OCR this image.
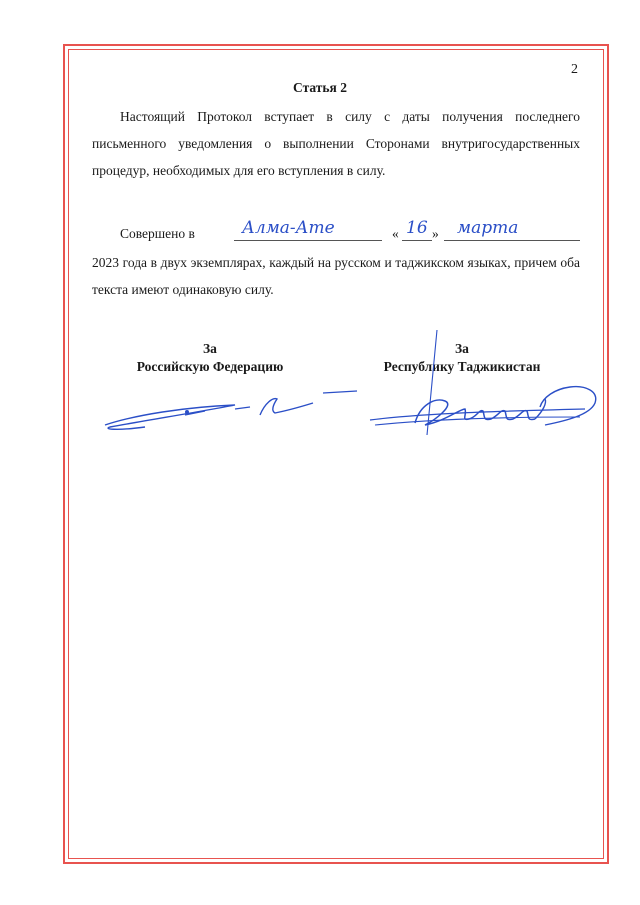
2
Статья 2
Настоящий Протокол вступает в силу с даты получения последнего письменного уведомления о выполнении Сторонами внутригосударственных процедур, необходимых для его вступления в силу.
Совершено в	Алма-Ате	« 16 » марта
2023 года в двух экземплярах, каждый на русском и таджикском языках, причем оба текста имеют одинаковую силу.
За
Российскую Федерацию
За
Республику Таджикистан
